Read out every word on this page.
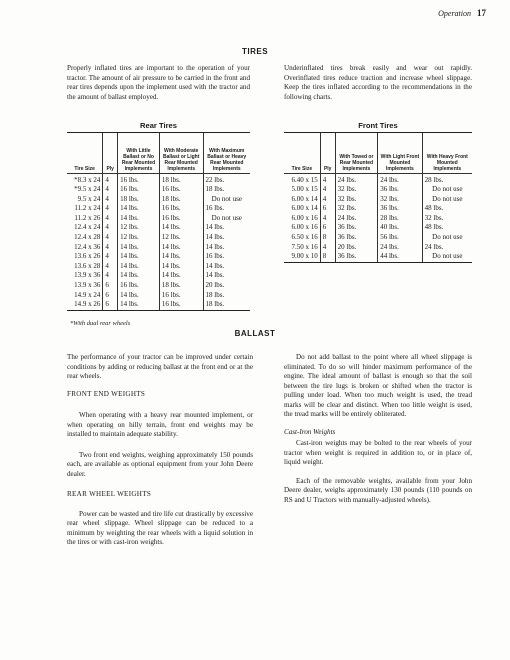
Operation 17
TIRES

Properly inflated tires are important to the operation of your tractor. The amount of air pressure to be carried in the front and rear tires depends upon the implement used with the tractor and the amount of ballast employed.

Underinflated tires break easily and wear out rapidly. Overinflated tires reduce traction and increase wheel slippage. Keep the tires inflated according to the recommendations in the following charts.

Rear Tires	Front Tires
Tire Size	Ply	With Little Ballast or No Rear Mounted Implements	With Moderate Ballast or Light Rear Mounted Implements	With Maximum Ballast or Heavy Rear Mounted Implements
*8.3 x 24	4	16 lbs.	18 lbs.	22 lbs.
*9.5 x 24	4	16 lbs.	16 lbs.	18 lbs.
9.5 x 24	4	18 lbs.	18 lbs.	Do not use
11.2 x 24	4	14 lbs.	16 lbs.	16 lbs.
11.2 x 26	4	14 lbs.	16 lbs.	Do not use
12.4 x 24	4	12 lbs.	14 lbs.	14 lbs.
12.4 x 28	4	12 lbs.	12 lbs.	14 lbs.
12.4 x 36	4	14 lbs.	14 lbs.	14 lbs.
13.6 x 26	4	14 lbs.	14 lbs.	16 lbs.
13.6 x 28	4	14 lbs.	14 lbs.	14 lbs.
13.9 x 36	4	14 lbs.	14 lbs.	14 lbs.
13.9 x 36	6	16 lbs.	18 lbs.	20 lbs.
14.9 x 24	6	14 lbs.	16 lbs.	18 lbs.
14.9 x 26	6	14 lbs.	16 lbs.	18 lbs.
*With dual rear wheels
Tire Size	Ply	With Towed or Rear Mounted Implements	With Light Front Mounted Implements	With Heavy Front Mounted Implements
6.40 x 15	4	24 lbs.	24 lbs.	28 lbs.
5.00 x 15	4	32 lbs.	36 lbs.	Do not use
6.00 x 14	4	32 lbs.	32 lbs.	Do not use
6.00 x 14	6	32 lbs.	36 lbs.	48 lbs.
6.00 x 16	4	24 lbs.	28 lbs.	32 lbs.
6.00 x 16	6	36 lbs.	40 lbs.	48 lbs.
6.50 x 16	8	36 lbs.	56 lbs.	Do not use
7.50 x 16	4	20 lbs.	24 lbs.	24 lbs.
9.00 x 10	8	36 lbs.	44 lbs.	Do not use
BALLAST

The performance of your tractor can be improved under certain conditions by adding or reducing ballast at the front end or at the rear wheels.

FRONT END WEIGHTS

When operating with a heavy rear mounted implement, or when operating on hilly terrain, front end weights may be installed to maintain adequate stability.

Two front end weights, weighing approximately 150 pounds each, are available as optional equipment from your John Deere dealer.

REAR WHEEL WEIGHTS

Power can be wasted and tire life cut drastically by excessive rear wheel slippage. Wheel slippage can be reduced to a minimum by weighting the rear wheels with a liquid solution in the tires or with cast-iron weights.

Do not add ballast to the point where all wheel slippage is eliminated. To do so will hinder maximum performance of the engine. The ideal amount of ballast is enough so that the soil between the tire lugs is broken or shifted when the tractor is pulling under load. When too much weight is used, the tread marks will be clear and distinct. When too little weight is used, the tread marks will be entirely obliterated.

Cast-Iron Weights

Cast-iron weights may be bolted to the rear wheels of your tractor when weight is required in addition to, or in place of, liquid weight.

Each of the removable weights, available from your John Deere dealer, weighs approximately 130 pounds (110 pounds on RS and U Tractors with manually-adjusted wheels).
